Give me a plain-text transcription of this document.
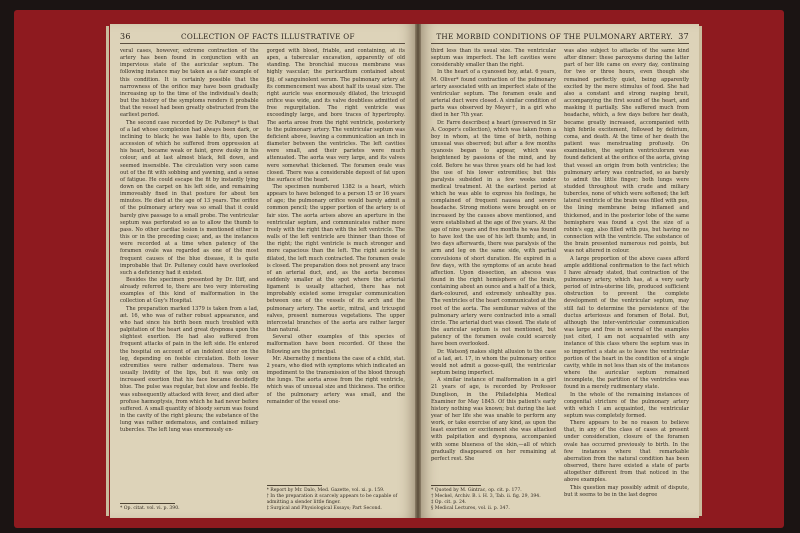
36	COLLECTION OF FACTS ILLUSTRATIVE OF

veral cases, however, extreme contraction of the artery has been found in conjunction with an impervious state of the auricular septum. The following instance may be taken as a fair example of this condition. It is certainly possible that the narrowness of the orifice may have been gradually increasing up to the time of the individual's death; but the history of the symptoms renders it probable that the vessel had been greatly obstructed from the earliest period.

The second case recorded by Dr. Pulteney* is that of a lad whose complexion had always been dark, or inclining to black; he was liable to fits, upon the accession of which he suffered from oppression at his heart, became weak or faint, grew dusky in his colour, and at last almost black, fell down, and seemed insensible. The circulation very soon came out of the fit with sobbing and yawning, and a sense of fatigue. He could escape the fit by instantly lying down on the carpet on his left side, and remaining immoveably fixed in that posture for about ten minutes. He died at the age of 13 years. The orifice of the pulmonary artery was so small that it could barely give passage to a small probe. The ventricular septum was perforated so as to allow the thumb to pass. No other cardiac lesion is mentioned either in this or in the preceding case; and, as the instances were recorded at a time when patency of the foramen ovale was regarded as one of the most frequent causes of the blue disease, it is quite improbable that Dr. Pulteney could have overlooked such a deficiency had it existed.

Besides the specimen presented by Dr. Iliff, and already referred to, there are two very interesting examples of this kind of malformation in the collection at Guy's Hospital.

The preparation marked 1379 is taken from a lad, æt. 16, who was of rather robust appearance, and who had since his birth been much troubled with palpitation of the heart and great dyspnœa upon the slightest exertion. He had also suffered from frequent attacks of pain in the left side. He entered the hospital on account of an indolent ulcer on the leg, depending on feeble circulation. Both lower extremities were rather œdematous. There was usually lividity of the lips, but it was only on increased exertion that his face became decidedly blue. The pulse was regular, but slow and feeble. He was subsequently attacked with fever, and died after profuse hæmoptysis, from which he had never before suffered. A small quantity of bloody serum was found in the cavity of the right pleura; the substance of the lung was rather œdematous, and contained miliary tubercles. The left lung was enormously en-

* Op. citat. vol. vi. p. 390.

gorged with blood, friable, and containing, at its apex, a tubercular excavation, apparently of old standing. The bronchial mucous membrane was highly vascular; the pericardium contained about ℥iij. of sanguinolent serum. The pulmonary artery at its commencement was about half its usual size. The right auricle was enormously dilated, the tricuspid orifice was wide, and its valve doubtless admitted of free regurgitation. The right ventricle was exceedingly large, and bore traces of hypertrophy. The aorta arose from the right ventricle, posteriorly to the pulmonary artery. The ventricular septum was deficient above, leaving a communication an inch in diameter between the ventricles. The left cavities were small, and their parietes were much attenuated. The aorta was very large, and its valves were somewhat thickened. The foramen ovale was closed. There was a considerable deposit of fat upon the surface of the heart.

The specimen numbered 1382 is a heart, which appears to have belonged to a person 15 or 16 years of age; the pulmonary orifice would barely admit a common pencil; the upper portion of the artery is of fair size. The aorta arises above an aperture in the ventricular septum, and communicates rather more freely with the right than with the left ventricle. The walls of the left ventricle are thinner than those of the right; the right ventricle is much stronger and more capacious than the left. The right auricle is dilated, the left much contracted. The foramen ovale is closed. The preparation does not present any trace of an arterial duct, and, as the aorta becomes suddenly smaller at the spot where the arterial ligament is usually attached, there has not improbably existed some irregular communication between one of the vessels of its arch and the pulmonary artery. The aortic, mitral, and tricuspid valves, present numerous vegetations. The upper intercostal branches of the aorta are rather larger than natural.

Several other examples of this species of malformation have been recorded. Of these the following are the principal.

Mr. Abernethy ‡ mentions the case of a child, stat. 2 years, who died with symptoms which indicated an impediment to the transmission of the blood through the lungs. The aorta arose from the right ventricle, which was of unusual size and thickness. The orifice of the pulmonary artery was small, and the remainder of the vessel one-

* Report by Mr. Dalo, Med. Gazette, vol. xi. p. 159.
† In the preparation it scarcely appears to be capable of admitting a slender little finger.
‡ Surgical and Physiological Essays; Part Second.
THE MORBID CONDITIONS OF THE PULMONARY ARTERY. 37

third less than its usual size. The ventricular septum was imperfect. The left cavities were considerably smaller than the right.

In the heart of a cyanosed boy, ætat. 6 years, M. Oliver* found contraction of the pulmonary artery associated with an imperfect state of the ventricular septum. The foramen ovale and arterial duct were closed. A similar condition of parts was observed by Meyer†, in a girl who died in her 7th year.

Dr. Farre describes‡ a heart (preserved in Sir A. Cooper's collection), which was taken from a boy in whom, at the time of birth, nothing unusual was observed; but after a few months cyanosis began to appear, which was heightened by passions of the mind, and by cold. Before he was three years old he had lost the use of his lower extremities; but this paralysis subsided in a few weeks under medical treatment. At the earliest period at which he was able to express his feelings, he complained of frequent nausea and severe headache. Strong motions were brought on or increased by the causes above mentioned, and were established at the age of five years. At the age of nine years and five months he was found to have lost the use of his left thumb; and, in two days afterwards, there was paralysis of the arm and leg on the same side, with partial convulsions of short duration. He expired in a few days, with the symptoms of an acute head affection. Upon dissection, an abscess was found in the right hemisphere of the brain, containing about an ounce and a half of a thick, dark-coloured, and extremely unhealthy pus. The ventricles of the heart communicated at the root of the aorta. The semilunar valves of the pulmonary artery were contracted into a small circle. The arterial duct was closed. The state of the auricular septum is not mentioned, but patency of the foramen ovale could scarcely have been overlooked.

Dr. Watson§ makes slight allusion to the case of a lad, æt. 17, in whom the pulmonary orifice would not admit a goose-quill, the ventricular septum being imperfect.

A similar instance of malformation in a girl 21 years of age, is recorded by Professor Dunglison, in the Philadelphia Medical Examiner for May 1845. Of this patient's early history nothing was known; but during the last year of her life she was unable to perform any work, or take exercise of any kind, as upon the least exertion or excitement she was attacked with palpitation and dyspnœa, accompanied with some blueness of the skin,—all of which gradually disappeared on her remaining at perfect rest. She

* Quoted by M. Gintrac, op. cit. p. 177.
† Meckel, Archiv. B. i. H. 3, Tab. ii. fig. 29, 394.
‡ Op. cit. p. 24.
§ Medical Lectures, vol. ii. p. 347.

was also subject to attacks of the same kind after dinner: these paroxysms during the latter part of her life came on every day, continuing for two or three hours, even though she remained perfectly quiet, being apparently excited by the mere stimulus of food. She had also a constant and strong rasping bruit, accompanying the first sound of the heart, and masking it partially. She suffered much from headache, which, a few days before her death, became greatly increased, accompanied with high febrile excitement, followed by delirium, coma, and death. At the time of her death the patient was menstruating profusely. On examination, the septum ventriculorum was found deficient at the orifice of the aorta, giving that vessel an origin from both ventricles; the pulmonary artery was contracted, so as barely to admit the little finger; both lungs were studded throughout with crude and miliary tubercles, none of which were softened; the left lateral ventricle of the brain was filled with pus, the lining membrane being inflamed and thickened, and in the posterior lobe of the same hemisphere was found a cyst the size of a robin's egg, also filled with pus, but having no connection with the ventricle. The substance of the brain presented numerous red points, but was not altered in colour.

A large proportion of the above cases afford ample additional confirmation to the fact which I have already stated, that contraction of the pulmonary artery, which has, at a very early period of intra-uterine life, produced sufficient obstruction to prevent the complete development of the ventricular septum, may still fail to determine the persistence of the ductus arteriosus and foramen of Botal. But, although the inter-ventricular communication was large and free in several of the examples just cited, I am not acquainted with any instance of this class where the septum was in so imperfect a state as to leave the ventricular portion of the heart in the condition of a single cavity, while in not less than six of the instances where the auricular septum remained incomplete, the partition of the ventricles was found in a merely rudimentary state.

In the whole of the remaining instances of congenital stricture of the pulmonary artery with which I am acquainted, the ventricular septum was completely formed.

There appears to be no reason to believe that, in any of the class of cases at present under consideration, closure of the foramen ovale has occurred previously to birth. In the few instances where that remarkable aberration from the natural condition has been observed, there have existed a state of parts altogether different from that noticed in the above examples.

This question may possibly admit of dispute, but it seems to be in the last degree
